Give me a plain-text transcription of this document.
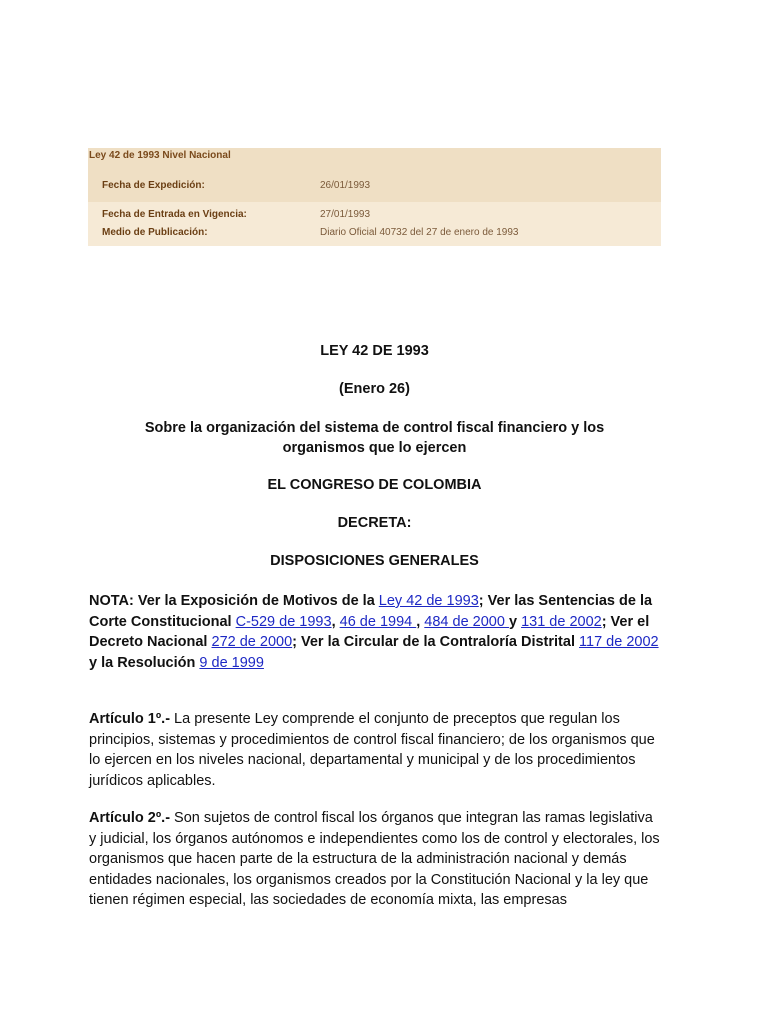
Ley 42 de 1993 Nivel Nacional
Fecha de Expedición:	26/01/1993
Fecha de Entrada en Vigencia:	27/01/1993
Medio de Publicación:	Diario Oficial 40732 del 27 de enero de 1993
LEY 42 DE 1993
(Enero 26)
Sobre la organización del sistema de control fiscal financiero y los
organismos que lo ejercen
EL CONGRESO DE COLOMBIA
DECRETA:
DISPOSICIONES GENERALES
NOTA: Ver la Exposición de Motivos de la Ley 42 de 1993; Ver las Sentencias de la Corte Constitucional C-529 de 1993, 46 de 1994 , 484 de 2000 y 131 de 2002; Ver el Decreto Nacional 272 de 2000; Ver la Circular de la Contraloría Distrital 117 de 2002 y la Resolución 9 de 1999
Artículo 1º.- La presente Ley comprende el conjunto de preceptos que regulan los principios, sistemas y procedimientos de control fiscal financiero; de los organismos que lo ejercen en los niveles nacional, departamental y municipal y de los procedimientos jurídicos aplicables.
Artículo 2º.- Son sujetos de control fiscal los órganos que integran las ramas legislativa y judicial, los órganos autónomos e independientes como los de control y electorales, los organismos que hacen parte de la estructura de la administración nacional y demás entidades nacionales, los organismos creados por la Constitución Nacional y la ley que tienen régimen especial, las sociedades de economía mixta, las empresas
